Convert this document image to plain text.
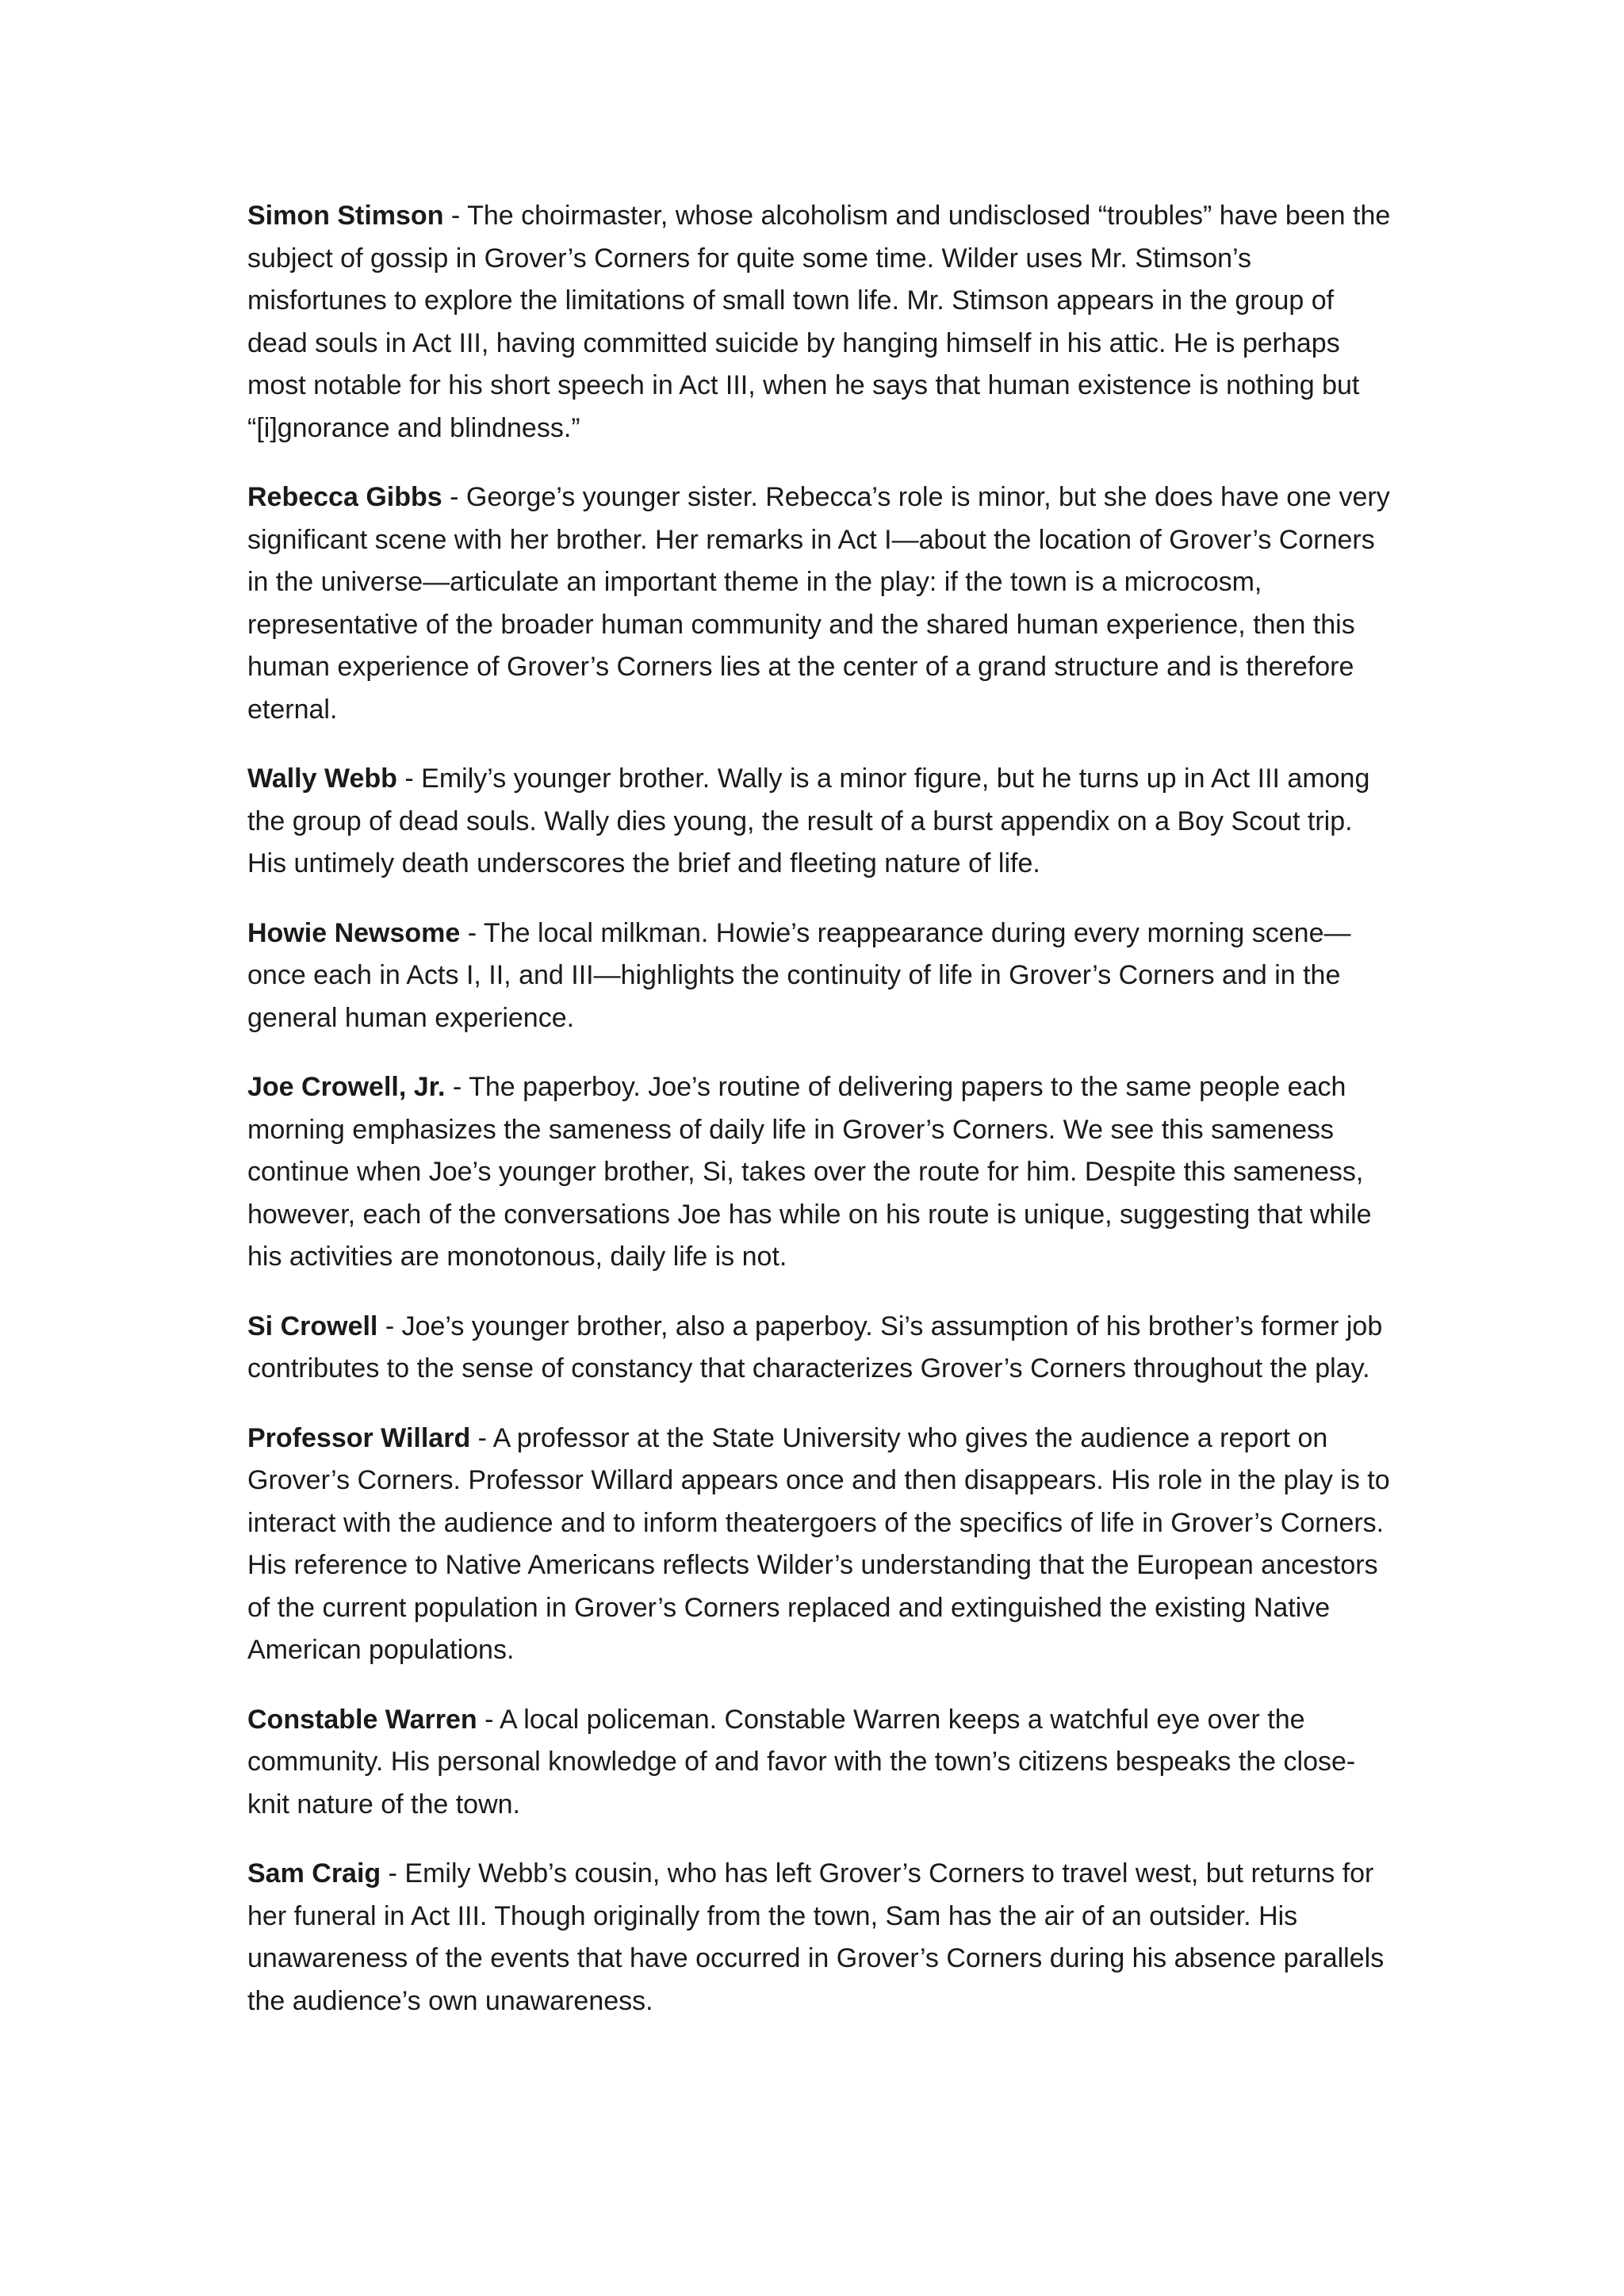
Simon Stimson - The choirmaster, whose alcoholism and undisclosed “troubles” have been the subject of gossip in Grover’s Corners for quite some time. Wilder uses Mr. Stimson’s misfortunes to explore the limitations of small town life. Mr. Stimson appears in the group of dead souls in Act III, having committed suicide by hanging himself in his attic. He is perhaps most notable for his short speech in Act III, when he says that human existence is nothing but “[i]gnorance and blindness.”

Rebecca Gibbs - George’s younger sister. Rebecca’s role is minor, but she does have one very significant scene with her brother. Her remarks in Act I—about the location of Grover’s Corners in the universe—articulate an important theme in the play: if the town is a microcosm, representative of the broader human community and the shared human experience, then this human experience of Grover’s Corners lies at the center of a grand structure and is therefore eternal.

Wally Webb - Emily’s younger brother. Wally is a minor figure, but he turns up in Act III among the group of dead souls. Wally dies young, the result of a burst appendix on a Boy Scout trip. His untimely death underscores the brief and fleeting nature of life.

Howie Newsome - The local milkman. Howie’s reappearance during every morning scene—once each in Acts I, II, and III—highlights the continuity of life in Grover’s Corners and in the general human experience.

Joe Crowell, Jr. - The paperboy. Joe’s routine of delivering papers to the same people each morning emphasizes the sameness of daily life in Grover’s Corners. We see this sameness continue when Joe’s younger brother, Si, takes over the route for him. Despite this sameness, however, each of the conversations Joe has while on his route is unique, suggesting that while his activities are monotonous, daily life is not.

Si Crowell - Joe’s younger brother, also a paperboy. Si’s assumption of his brother’s former job contributes to the sense of constancy that characterizes Grover’s Corners throughout the play.

Professor Willard - A professor at the State University who gives the audience a report on Grover’s Corners. Professor Willard appears once and then disappears. His role in the play is to interact with the audience and to inform theatergoers of the specifics of life in Grover’s Corners. His reference to Native Americans reflects Wilder’s understanding that the European ancestors of the current population in Grover’s Corners replaced and extinguished the existing Native American populations.

Constable Warren - A local policeman. Constable Warren keeps a watchful eye over the community. His personal knowledge of and favor with the town’s citizens bespeaks the close-knit nature of the town.

Sam Craig - Emily Webb’s cousin, who has left Grover’s Corners to travel west, but returns for her funeral in Act III. Though originally from the town, Sam has the air of an outsider. His unawareness of the events that have occurred in Grover’s Corners during his absence parallels the audience’s own unawareness.
